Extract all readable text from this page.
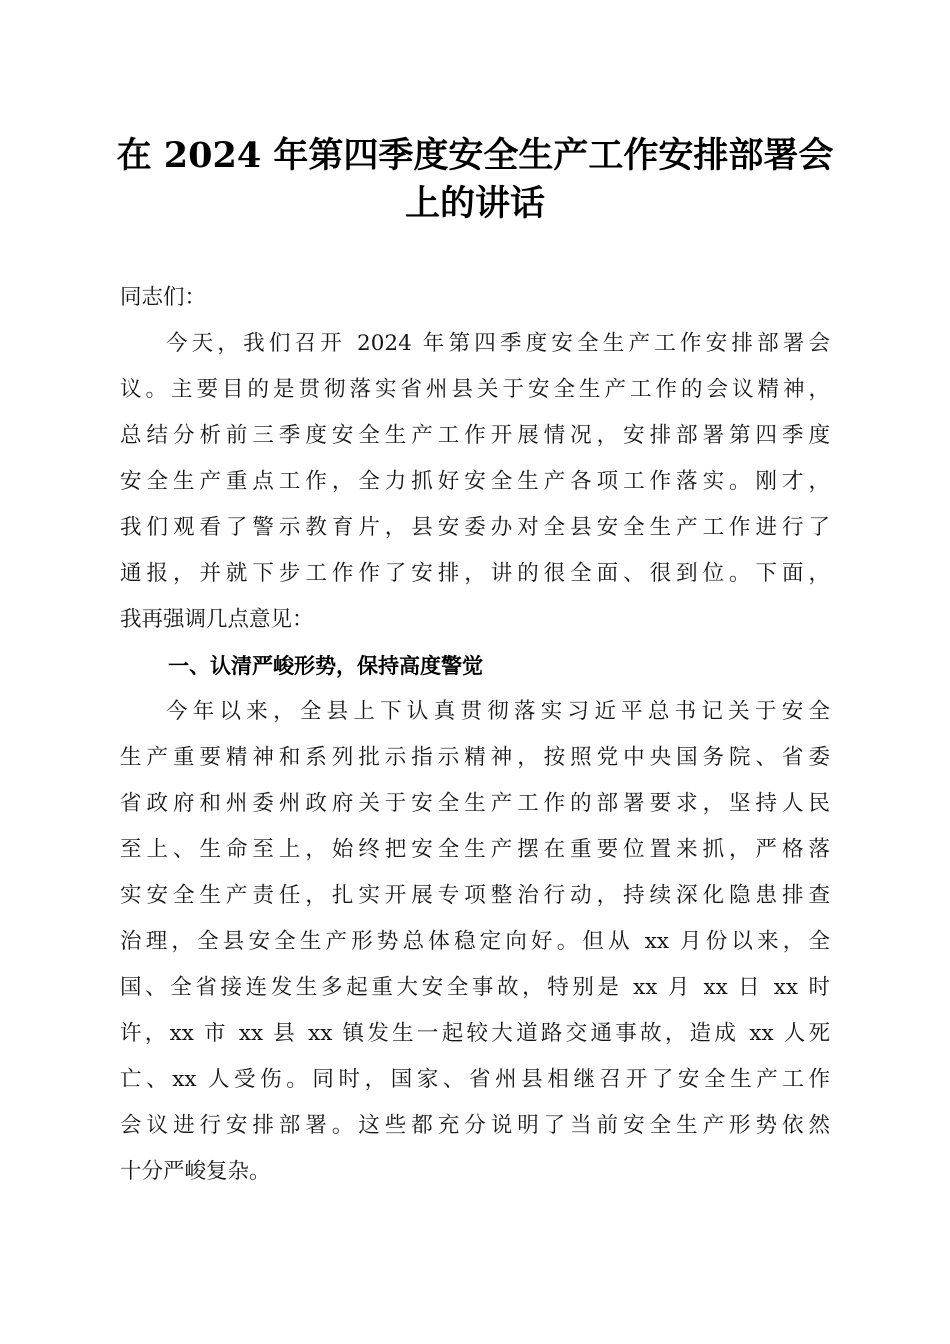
在 2024 年第四季度安全生产工作安排部署会
上的讲话
同志们：
今天，我们召开 2024 年第四季度安全生产工作安排部署会
议。主要目的是贯彻落实省州县关于安全生产工作的会议精神，
总结分析前三季度安全生产工作开展情况，安排部署第四季度
安全生产重点工作，全力抓好安全生产各项工作落实。刚才，
我们观看了警示教育片，县安委办对全县安全生产工作进行了
通报，并就下步工作作了安排，讲的很全面、很到位。下面，
我再强调几点意见：
一、认清严峻形势，保持高度警觉
今年以来，全县上下认真贯彻落实习近平总书记关于安全
生产重要精神和系列批示指示精神，按照党中央国务院、省委
省政府和州委州政府关于安全生产工作的部署要求，坚持人民
至上、生命至上，始终把安全生产摆在重要位置来抓，严格落
实安全生产责任，扎实开展专项整治行动，持续深化隐患排查
治理，全县安全生产形势总体稳定向好。但从 xx 月份以来，全
国、全省接连发生多起重大安全事故，特别是 xx 月 xx 日 xx 时
许，xx 市 xx 县 xx 镇发生一起较大道路交通事故，造成 xx 人死
亡、xx 人受伤。同时，国家、省州县相继召开了安全生产工作
会议进行安排部署。这些都充分说明了当前安全生产形势依然
十分严峻复杂。
